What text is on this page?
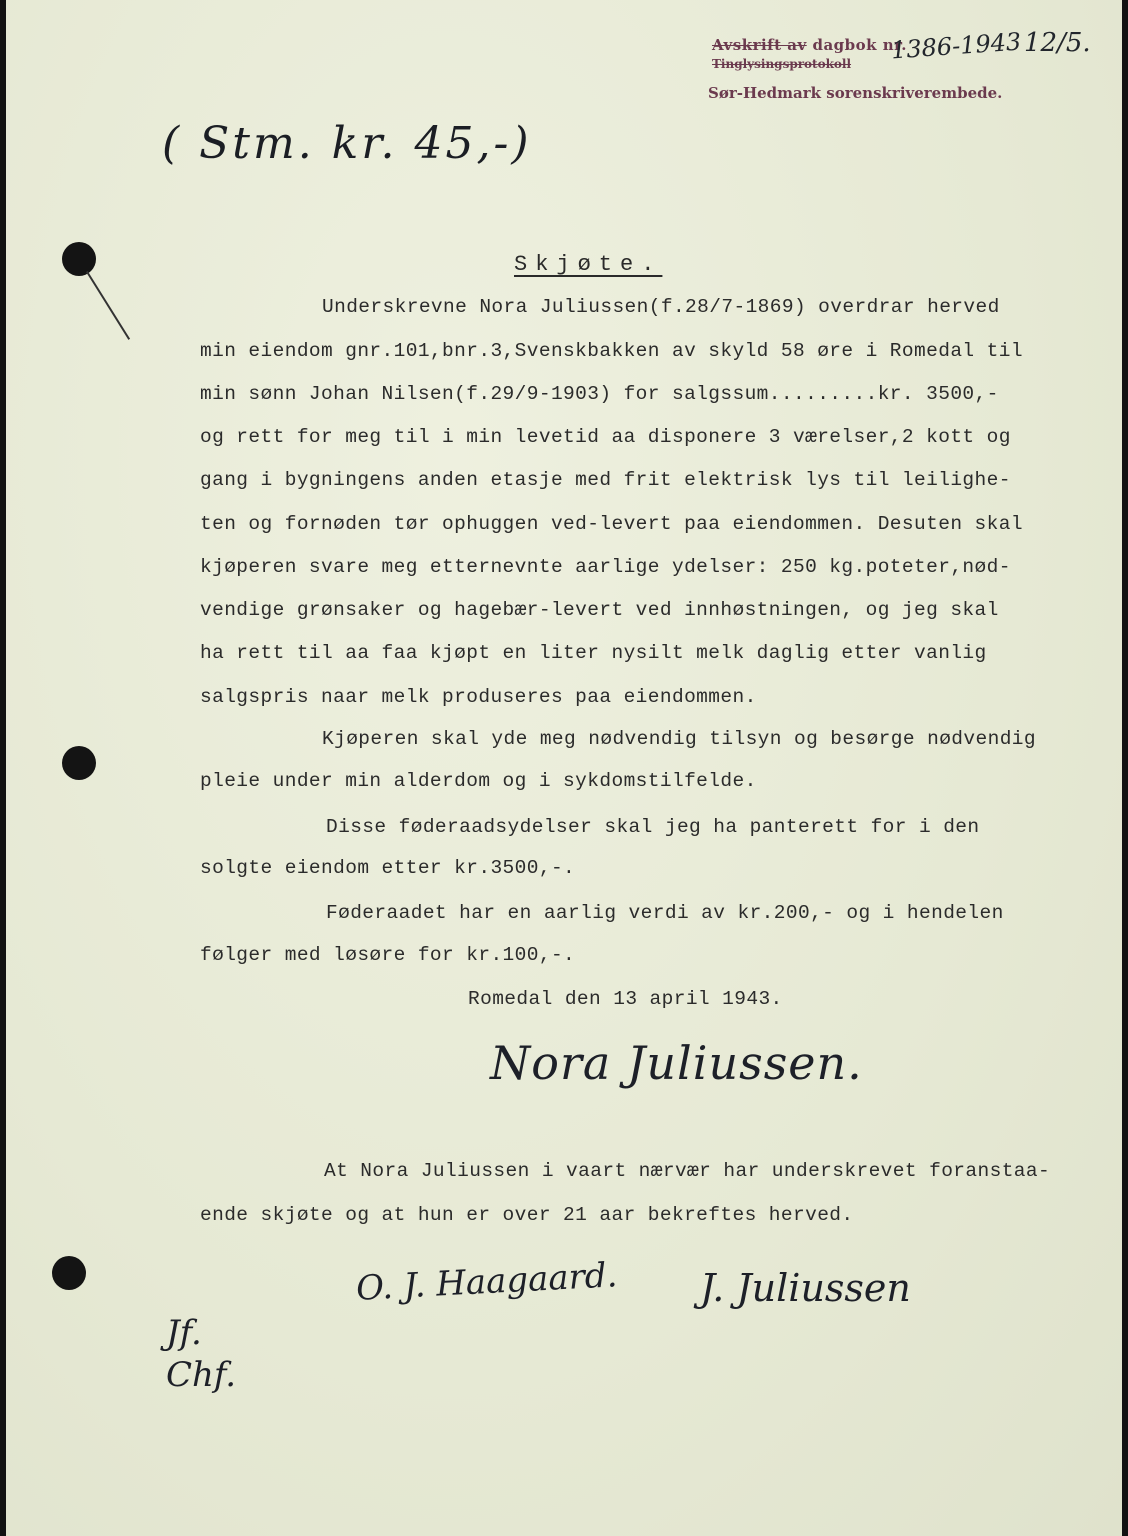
Avskrift av dagbok nr.
Tinglysingsprotokoll
Sør-Hedmark sorenskriverembede.
1386-1943 12/5.
( Stm. kr. 45,-)
Skjøte.
Underskrevne Nora Juliussen(f.28/7-1869) overdrar herved
min eiendom gnr.101,bnr.3,Svenskbakken av skyld 58 øre i Romedal til
min sønn Johan Nilsen(f.29/9-1903) for salgssum.........kr. 3500,-
og rett for meg til i min levetid aa disponere 3 værelser,2 kott og
gang i bygningens anden etasje med frit elektrisk lys til leilighe-
ten og fornøden tør ophuggen ved-levert paa eiendommen. Desuten skal
kjøperen svare meg etternevnte aarlige ydelser: 250 kg.poteter,nød-
vendige grønsaker og hagebær-levert ved innhøstningen, og jeg skal
ha rett til aa faa kjøpt en liter nysilt melk daglig etter vanlig
salgspris naar melk produseres paa eiendommen.
Kjøperen skal yde meg nødvendig tilsyn og besørge nødvendig
pleie under min alderdom og i sykdomstilfelde.
Disse føderaadsydelser skal jeg ha panterett for i den
solgte eiendom etter kr.3500,-.
Føderaadet har en aarlig verdi av kr.200,- og i hendelen
følger med løsøre for kr.100,-.
Romedal den 13 april 1943.
Nora Juliussen.
At Nora Juliussen i vaart nærvær har underskrevet foranstaa-
ende skjøte og at hun er over 21 aar bekreftes herved.
O. J. Haagaard. J. Juliussen
Jf.
Chf.
